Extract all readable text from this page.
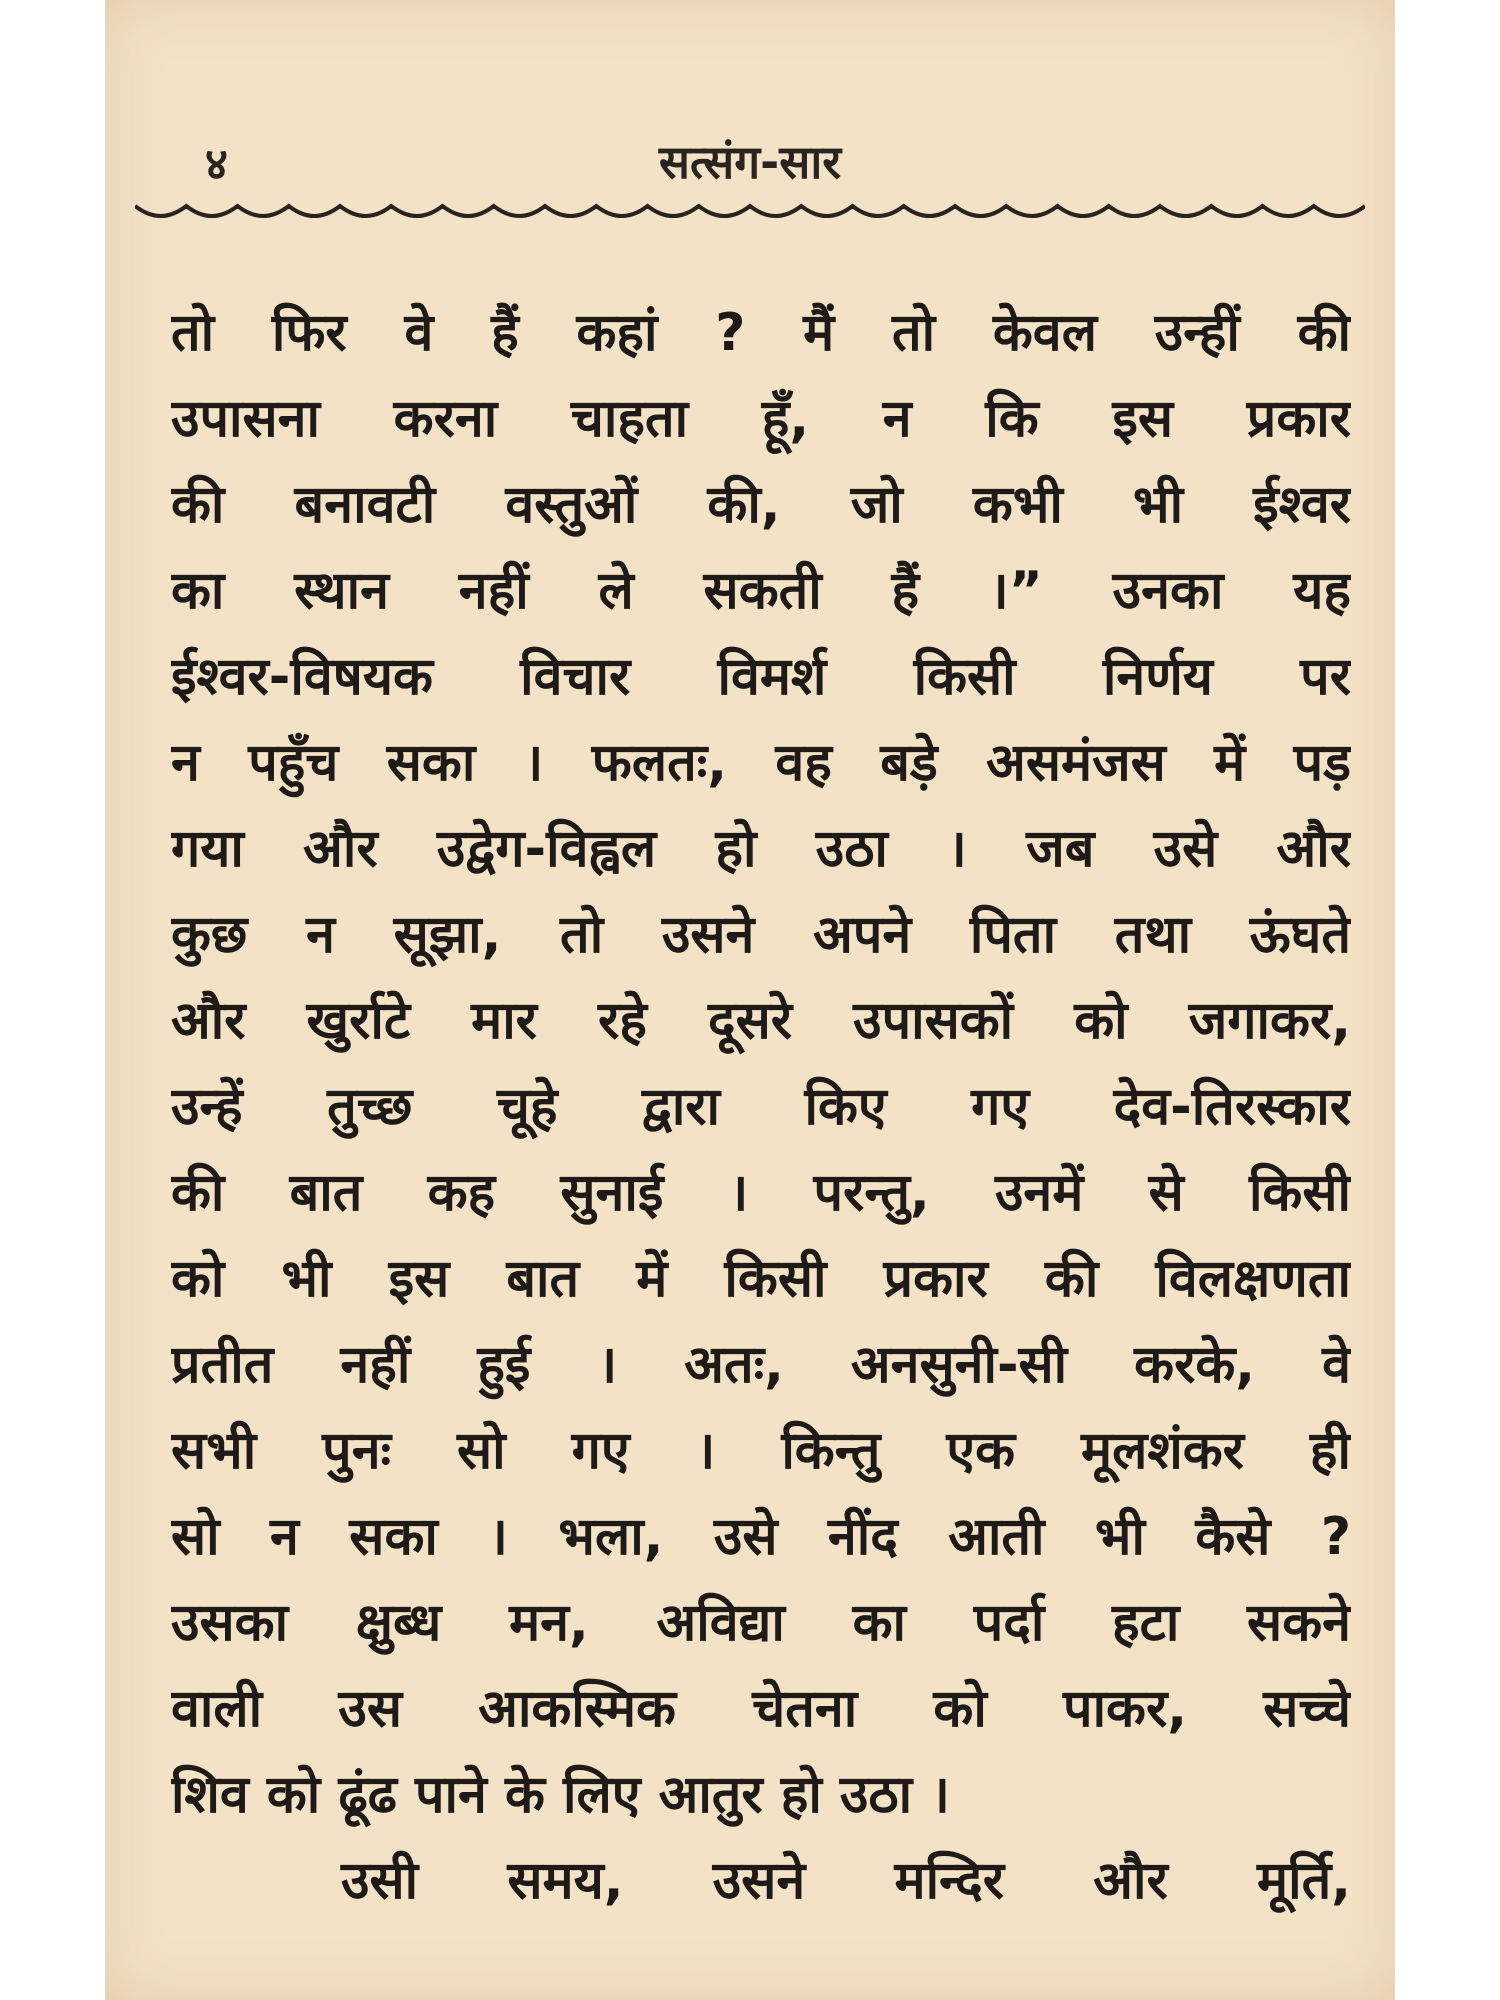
४	सत्संग-सार
तो फिर वे हैं कहां ? मैं तो केवल उन्हीं की
उपासना करना चाहता हूँ, न कि इस प्रकार
की बनावटी वस्तुओं की, जो कभी भी ईश्वर
का स्थान नहीं ले सकती हैं ।” उनका यह
ईश्वर-विषयक विचार विमर्श किसी निर्णय पर
न पहुँच सका । फलतः, वह बड़े असमंजस में पड़
गया और उद्वेग-विह्वल हो उठा । जब उसे और
कुछ न सूझा, तो उसने अपने पिता तथा ऊंघते
और खुर्राटे मार रहे दूसरे उपासकों को जगाकर,
उन्हें तुच्छ चूहे द्वारा किए गए देव-तिरस्कार
की बात कह सुनाई । परन्तु, उनमें से किसी
को भी इस बात में किसी प्रकार की विलक्षणता
प्रतीत नहीं हुई । अतः, अनसुनी-सी करके, वे
सभी पुनः सो गए । किन्तु एक मूलशंकर ही
सो न सका । भला, उसे नींद आती भी कैसे ?
उसका क्षुब्ध मन, अविद्या का पर्दा हटा सकने
वाली उस आकस्मिक चेतना को पाकर, सच्चे
शिव को ढूंढ पाने के लिए आतुर हो उठा ।
उसी समय, उसने मन्दिर और मूर्ति,
